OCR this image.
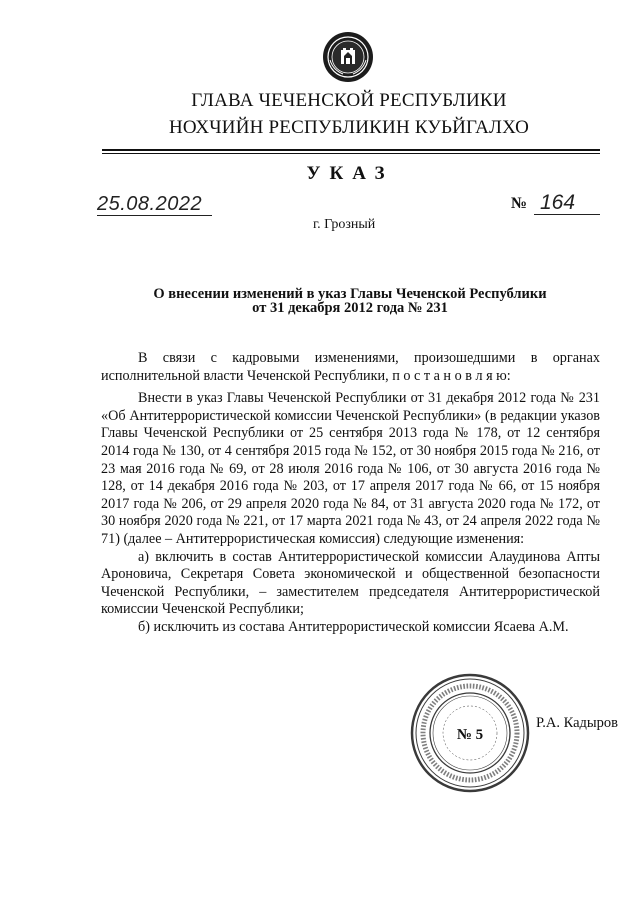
ГЛАВА ЧЕЧЕНСКОЙ РЕСПУБЛИКИ
НОХЧИЙН РЕСПУБЛИКИН КУЬЙГАЛХО
УКАЗ
25.08.2022	№ 164
г. Грозный
О внесении изменений в указ Главы Чеченской Республики
от 31 декабря 2012 года № 231

В связи с кадровыми изменениями, произошедшими в органах исполнительной власти Чеченской Республики, п о с т а н о в л я ю:

Внести в указ Главы Чеченской Республики от 31 декабря 2012 года № 231 «Об Антитеррористической комиссии Чеченской Республики» (в редакции указов Главы Чеченской Республики от 25 сентября 2013 года № 178, от 12 сентября 2014 года № 130, от 4 сентября 2015 года № 152, от 30 ноября 2015 года № 216, от 23 мая 2016 года № 69, от 28 июля 2016 года № 106, от 30 августа 2016 года № 128, от 14 декабря 2016 года № 203, от 17 апреля 2017 года № 66, от 15 ноября 2017 года № 206, от 29 апреля 2020 года № 84, от 31 августа 2020 года № 172, от 30 ноября 2020 года № 221, от 17 марта 2021 года № 43, от 24 апреля 2022 года № 71) (далее – Антитеррористическая комиссия) следующие изменения:

а) включить в состав Антитеррористической комиссии Алаудинова Апты Ароновича, Секретаря Совета экономической и общественной безопасности Чеченской Республики, – заместителем председателя Антитеррористической комиссии Чеченской Республики;

б) исключить из состава Антитеррористической комиссии Ясаева А.М.

№ 5
Р.А. Кадыров
